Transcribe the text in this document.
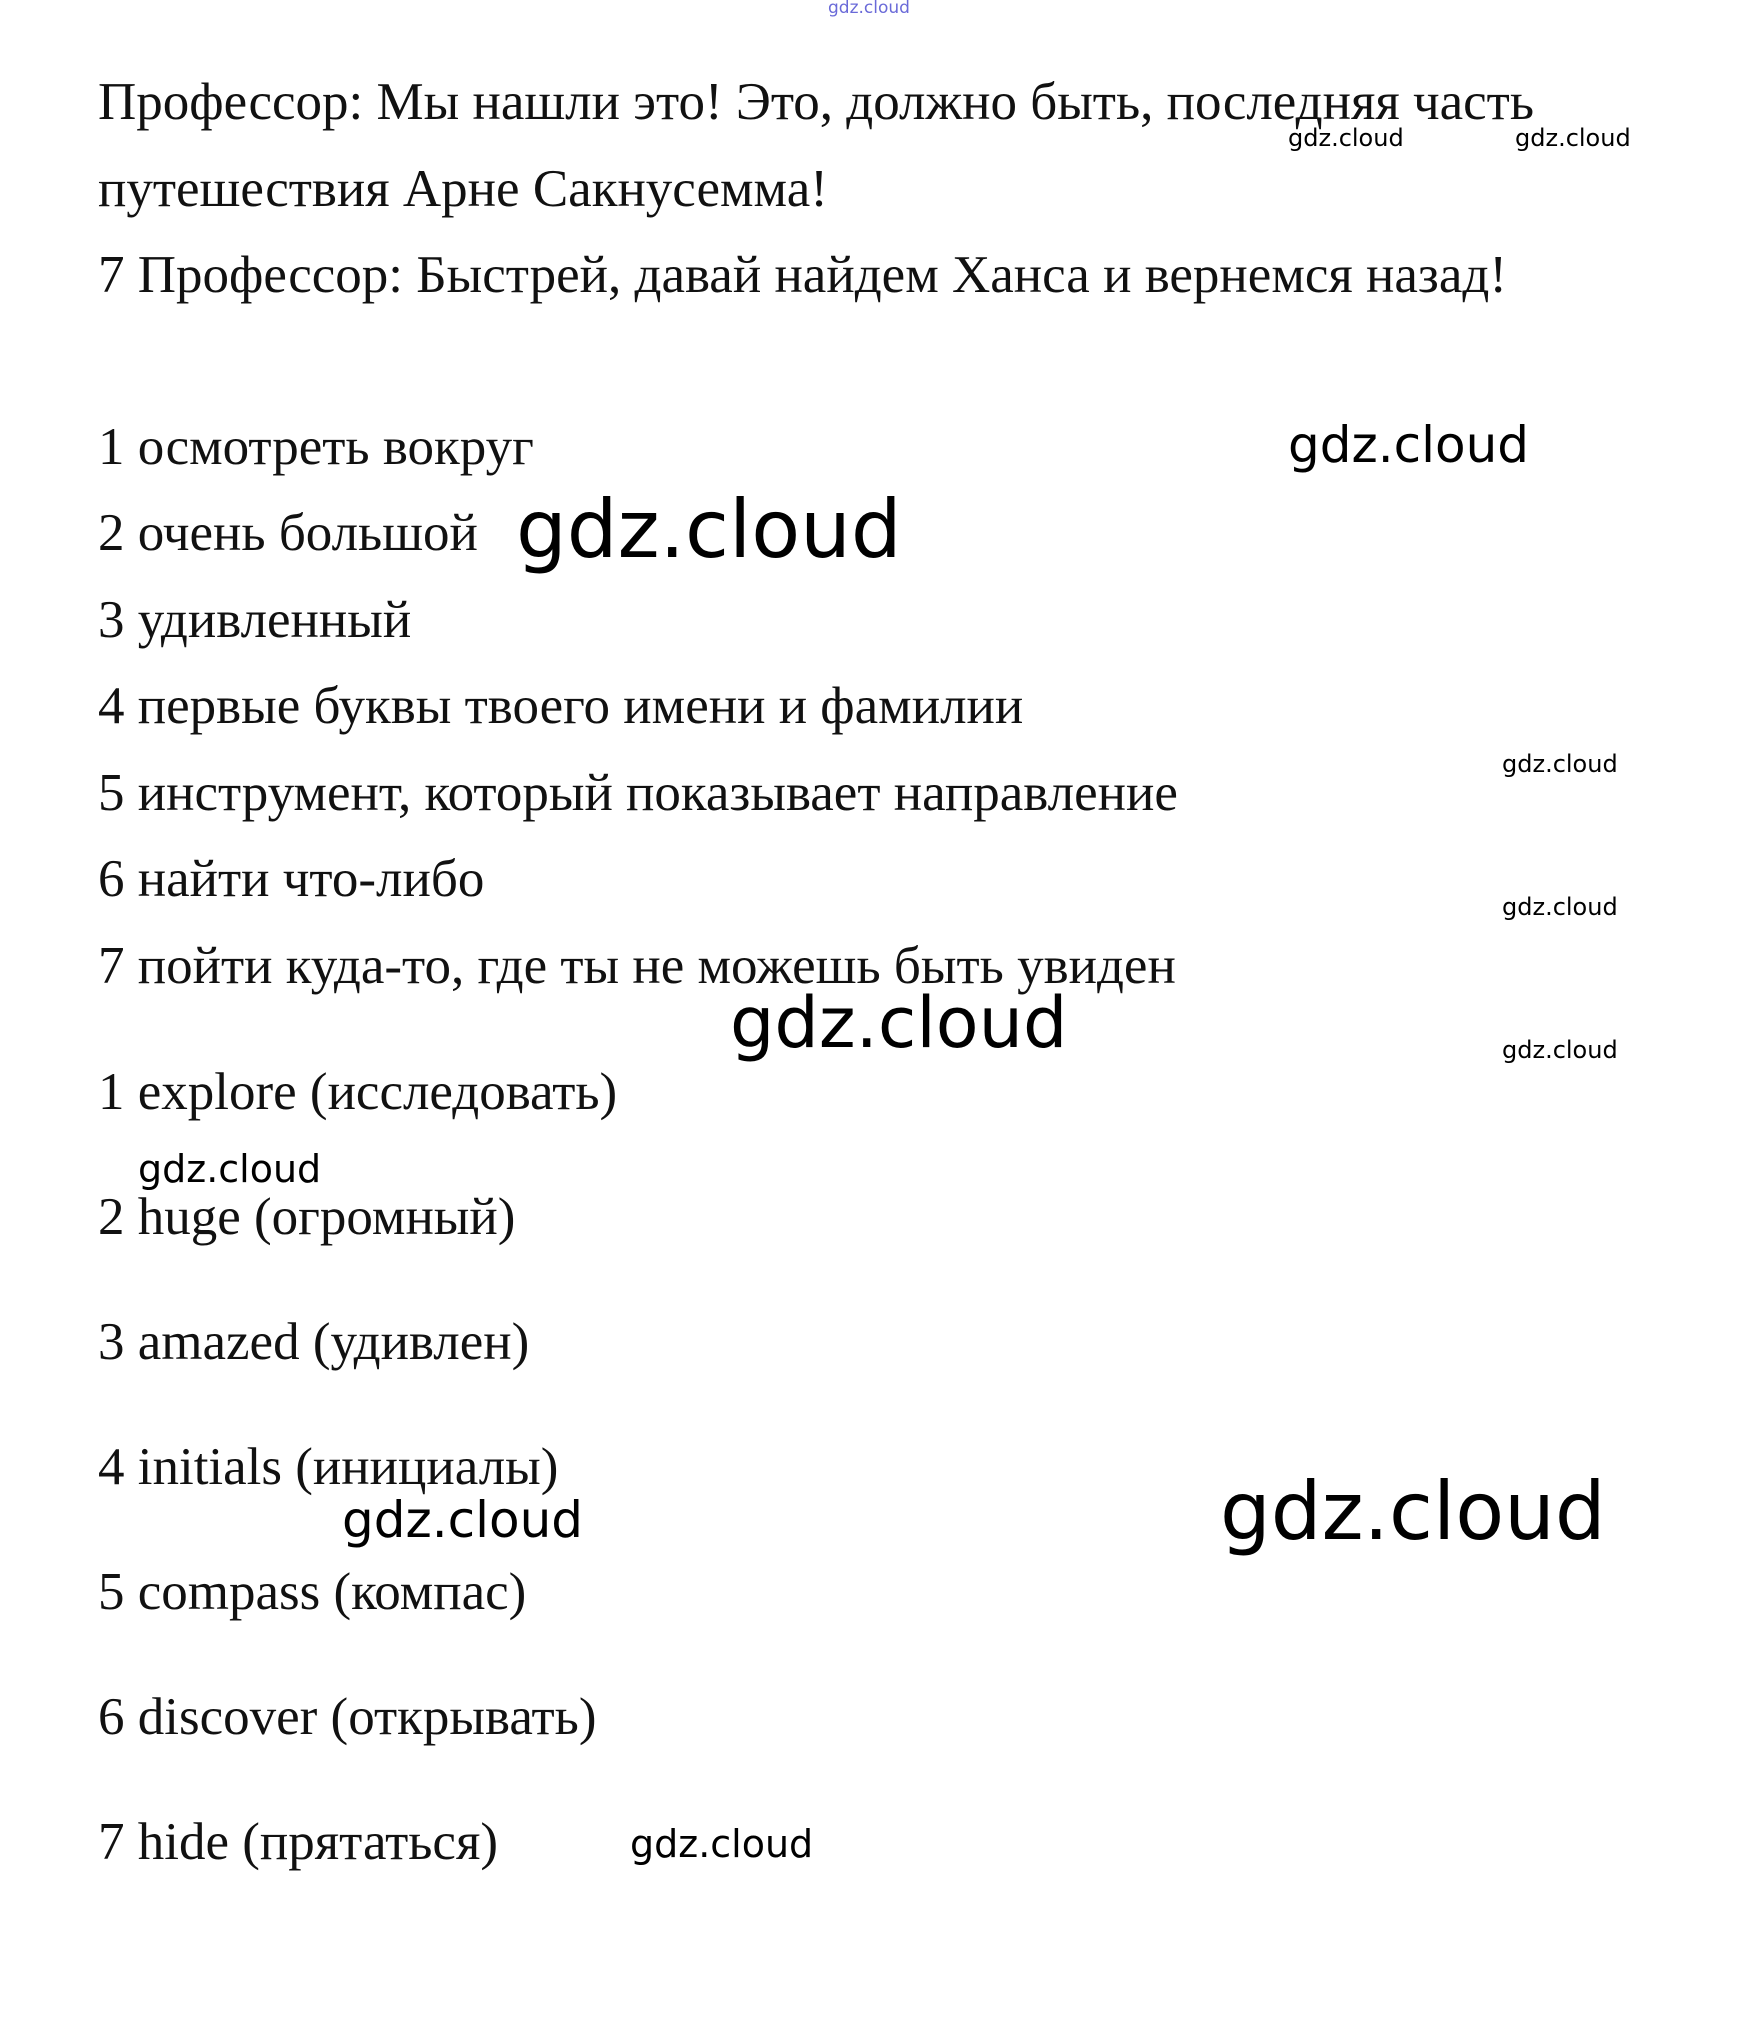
Профессор: Мы нашли это! Это, должно быть, последняя часть
путешествия Арне Сакнусемма!
7 Профессор: Быстрей, давай найдем Ханса и вернемся назад!
1 осмотреть вокруг
2 очень большой
3 удивленный
4 первые буквы твоего имени и фамилии
5 инструмент, который показывает направление
6 найти что-либо
7 пойти куда-то, где ты не можешь быть увиден
1 explore (исследовать)
2 huge (огромный)
3 amazed (удивлен)
4 initials (инициалы)
5 compass (компас)
6 discover (открывать)
7 hide (прятаться)
gdz.cloud
gdz.cloud	gdz.cloud
gdz.cloud
gdz.cloud
gdz.cloud
gdz.cloud
gdz.cloud	gdz.cloud
gdz.cloud
gdz.cloud	gdz.cloud
gdz.cloud
